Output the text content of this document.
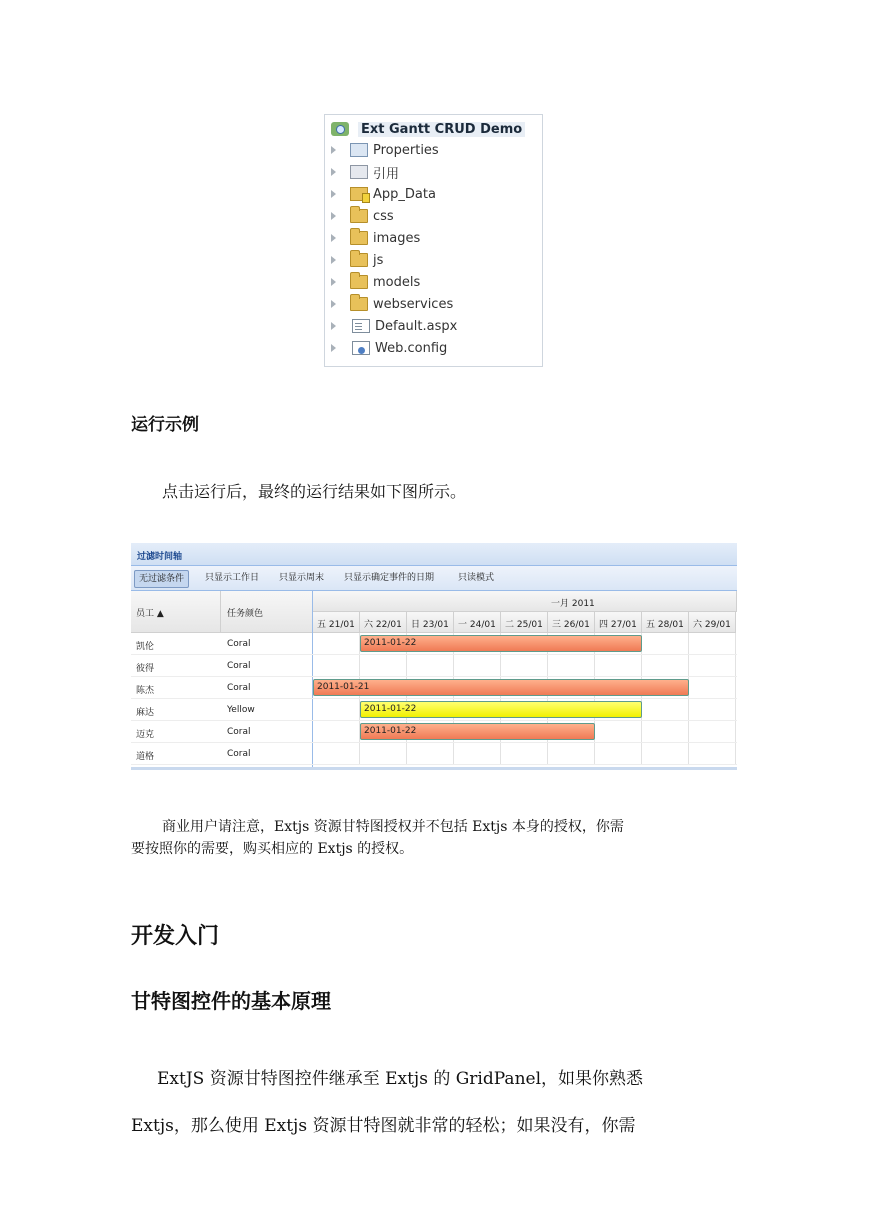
Ext Gantt CRUD Demo
Properties
引用
App_Data
css
images
js
models
webservices
Default.aspx
Web.config
运行示例

点击运行后，最终的运行结果如下图所示。

过滤时间轴
无过滤条件	只显示工作日	只显示周末	只显示确定事件的日期	只读模式
员工 ▲	任务颜色
一月 2011
五 21/01 六 22/01 日 23/01 一 24/01 二 25/01 三 26/01 四 27/01 五 28/01 六 29/01
凯伦	Coral	2011-01-22
彼得	Coral
陈杰	Coral	2011-01-21
麻达	Yellow	2011-01-22
迈克	Coral	2011-01-22
道格	Coral

商业用户请注意，Extjs 资源甘特图授权并不包括 Extjs 本身的授权，你需

要按照你的需要，购买相应的 Extjs 的授权。

开发入门
甘特图控件的基本原理

ExtJS 资源甘特图控件继承至 Extjs 的 GridPanel，如果你熟悉

Extjs，那么使用 Extjs 资源甘特图就非常的轻松；如果没有，你需
